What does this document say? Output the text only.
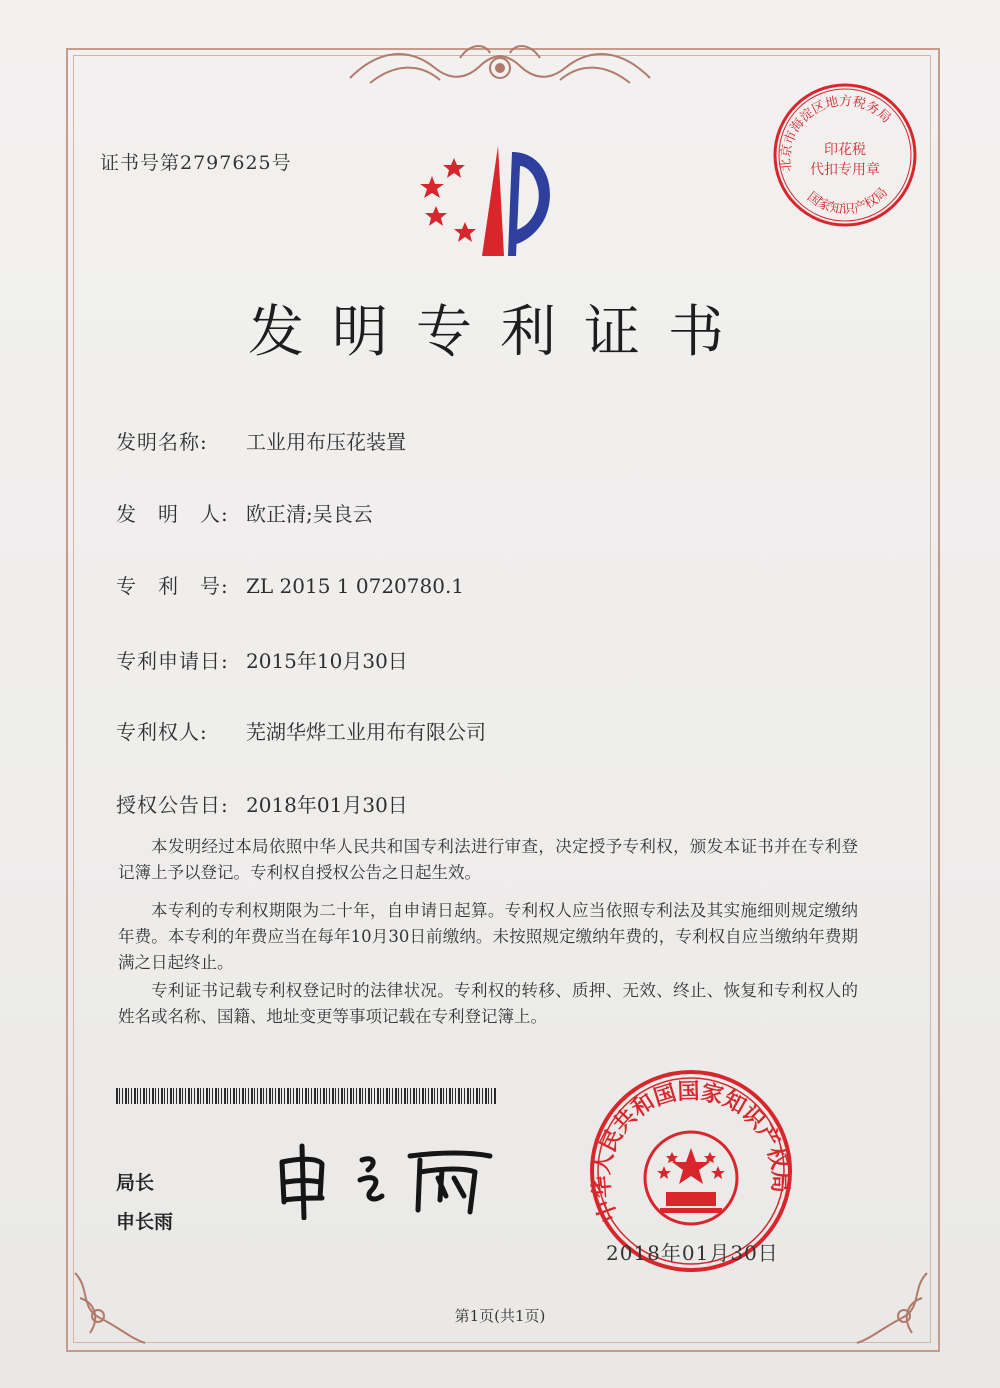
证书号第2797625号	北京市海淀区地方税务局
国家知识产权局
印花税
代扣专用章
发明专利证书
发明名称: 工业用布压花装置
发　明　人: 欧正清;吴良云
专　利　号: ZL 2015 1 0720780.1
专利申请日: 2015年10月30日
专利权人: 芜湖华烨工业用布有限公司
授权公告日: 2018年01月30日
本发明经过本局依照中华人民共和国专利法进行审查，决定授予专利权，颁发本证书并在专利登记簿上予以登记。专利权自授权公告之日起生效。
本专利的专利权期限为二十年，自申请日起算。专利权人应当依照专利法及其实施细则规定缴纳年费。本专利的年费应当在每年10月30日前缴纳。未按照规定缴纳年费的，专利权自应当缴纳年费期满之日起终止。
专利证书记载专利权登记时的法律状况。专利权的转移、质押、无效、终止、恢复和专利权人的姓名或名称、国籍、地址变更等事项记载在专利登记簿上。
局长
申长雨	中华人民共和国国家知识产权局
2018年01月30日
第1页(共1页)
